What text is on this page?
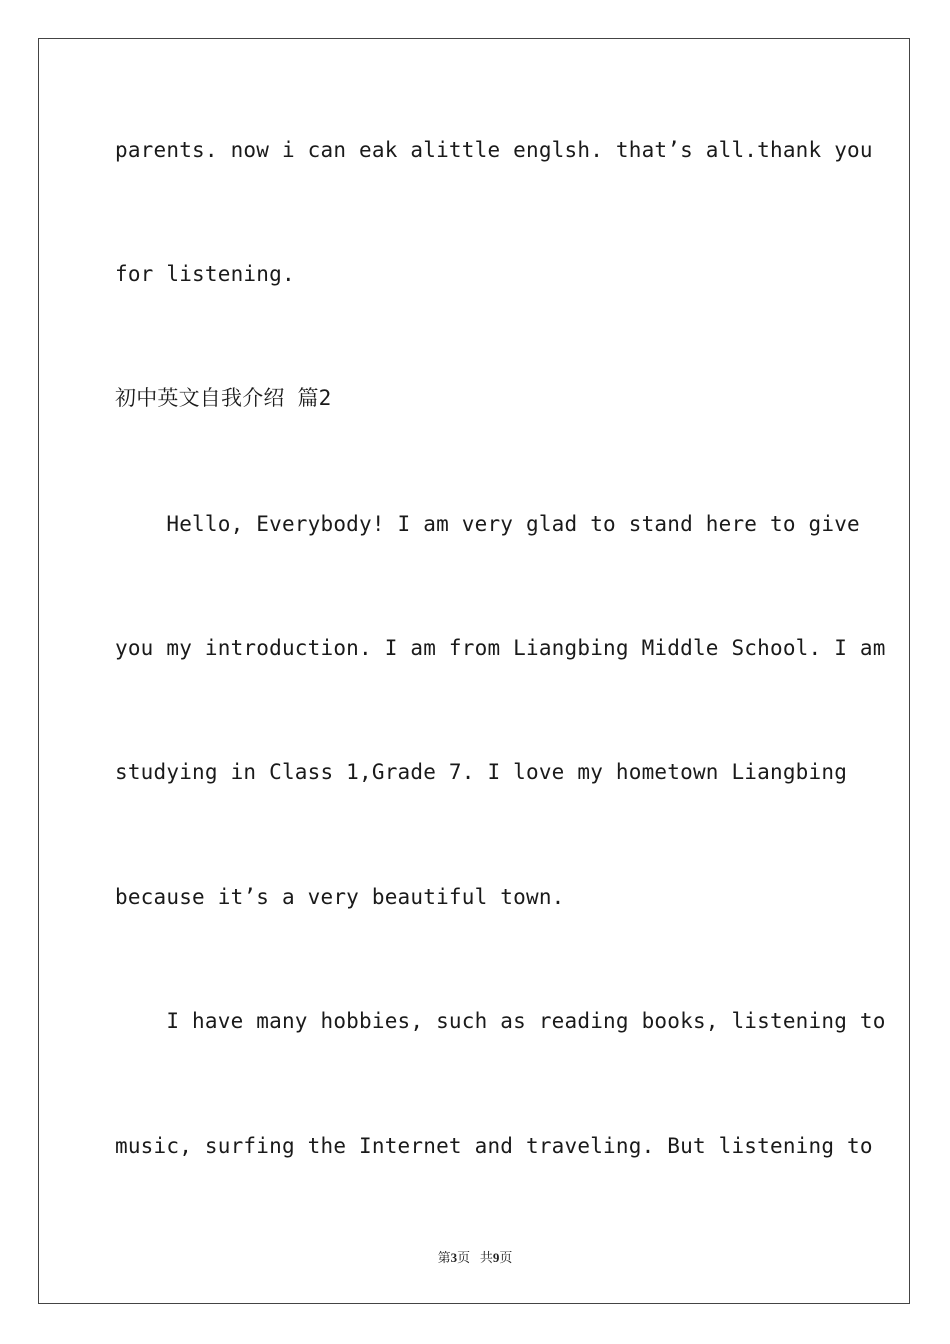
parents. now i can eak alittle englsh. that’s all.thank you
for listening.
初中英文自我介绍 篇2
Hello, Everybody! I am very glad to stand here to give
you my introduction. I am from Liangbing Middle School. I am
studying in Class 1,Grade 7. I love my hometown Liangbing
because it’s a very beautiful town.
I have many hobbies, such as reading books, listening to
music, surfing the Internet and traveling. But listening to
第3页 共9页
